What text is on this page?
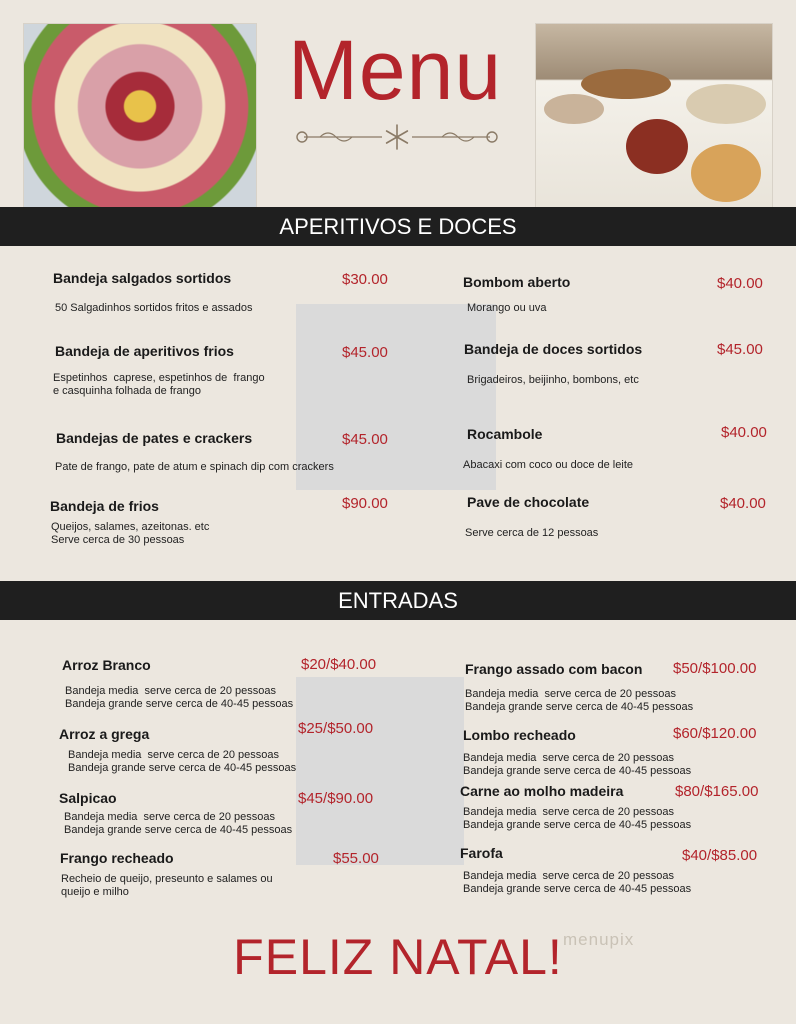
Menu
APERITIVOS E DOCES
Bandeja salgados sortidos	$30.00
50 Salgadinhos sortidos fritos e assados
Bandeja de aperitivos frios	$45.00
Espetinhos  caprese, espetinhos de  frango
e casquinha folhada de frango
Bandejas de pates e crackers	$45.00
Pate de frango, pate de atum e spinach dip com crackers
Bandeja de frios	$90.00
Queijos, salames, azeitonas. etc
Serve cerca de 30 pessoas
Bombom aberto	$40.00
Morango ou uva
Bandeja de doces sortidos	$45.00
Brigadeiros, beijinho, bombons, etc
Rocambole	$40.00
Abacaxi com coco ou doce de leite
Pave de chocolate	$40.00
Serve cerca de 12 pessoas
ENTRADAS
Arroz Branco	$20/$40.00
Bandeja media  serve cerca de 20 pessoas
Bandeja grande serve cerca de 40-45 pessoas
Arroz a grega	$25/$50.00
Bandeja media  serve cerca de 20 pessoas
Bandeja grande serve cerca de 40-45 pessoas
Salpicao	$45/$90.00
Bandeja media  serve cerca de 20 pessoas
Bandeja grande serve cerca de 40-45 pessoas
Frango recheado	$55.00
Recheio de queijo, preseunto e salames ou
queijo e milho
Frango assado com bacon $50/$100.00
Bandeja media  serve cerca de 20 pessoas
Bandeja grande serve cerca de 40-45 pessoas
Lombo recheado	$60/$120.00
Bandeja media  serve cerca de 20 pessoas
Bandeja grande serve cerca de 40-45 pessoas
Carne ao molho madeira	$80/$165.00
Bandeja media  serve cerca de 20 pessoas
Bandeja grande serve cerca de 40-45 pessoas
Farofa	$40/$85.00
Bandeja media  serve cerca de 20 pessoas
Bandeja grande serve cerca de 40-45 pessoas
FELIZ NATAL! menupix
